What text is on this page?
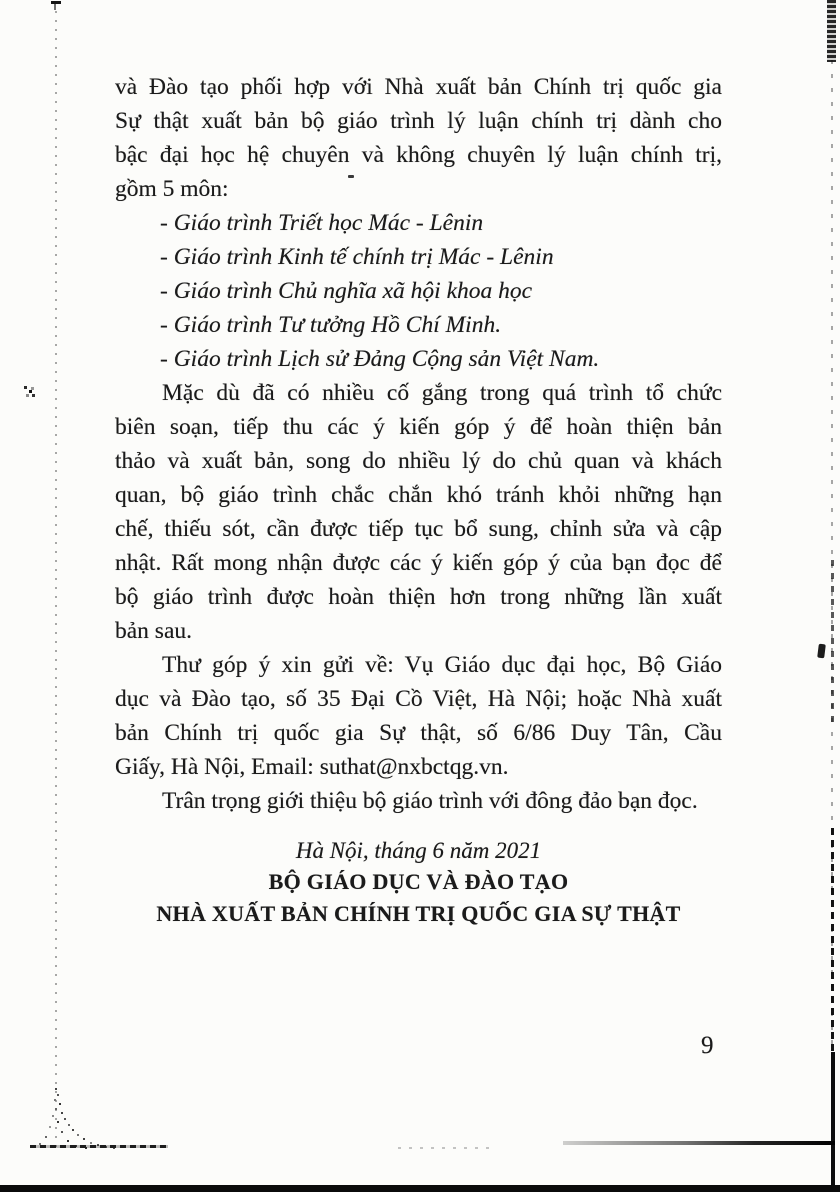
và Đào tạo phối hợp với Nhà xuất bản Chính trị quốc gia
Sự thật xuất bản bộ giáo trình lý luận chính trị dành cho
bậc đại học hệ chuyên và không chuyên lý luận chính trị,
gồm 5 môn:
- Giáo trình Triết học Mác - Lênin
- Giáo trình Kinh tế chính trị Mác - Lênin
- Giáo trình Chủ nghĩa xã hội khoa học
- Giáo trình Tư tưởng Hồ Chí Minh.
- Giáo trình Lịch sử Đảng Cộng sản Việt Nam.
Mặc dù đã có nhiều cố gắng trong quá trình tổ chức
biên soạn, tiếp thu các ý kiến góp ý để hoàn thiện bản
thảo và xuất bản, song do nhiều lý do chủ quan và khách
quan, bộ giáo trình chắc chắn khó tránh khỏi những hạn
chế, thiếu sót, cần được tiếp tục bổ sung, chỉnh sửa và cập
nhật. Rất mong nhận được các ý kiến góp ý của bạn đọc để
bộ giáo trình được hoàn thiện hơn trong những lần xuất
bản sau.
Thư góp ý xin gửi về: Vụ Giáo dục đại học, Bộ Giáo
dục và Đào tạo, số 35 Đại Cồ Việt, Hà Nội; hoặc Nhà xuất
bản Chính trị quốc gia Sự thật, số 6/86 Duy Tân, Cầu
Giấy, Hà Nội, Email: suthat@nxbctqg.vn.
Trân trọng giới thiệu bộ giáo trình với đông đảo bạn đọc.
Hà Nội, tháng 6 năm 2021
BỘ GIÁO DỤC VÀ ĐÀO TẠO
NHÀ XUẤT BẢN CHÍNH TRỊ QUỐC GIA SỰ THẬT
9
